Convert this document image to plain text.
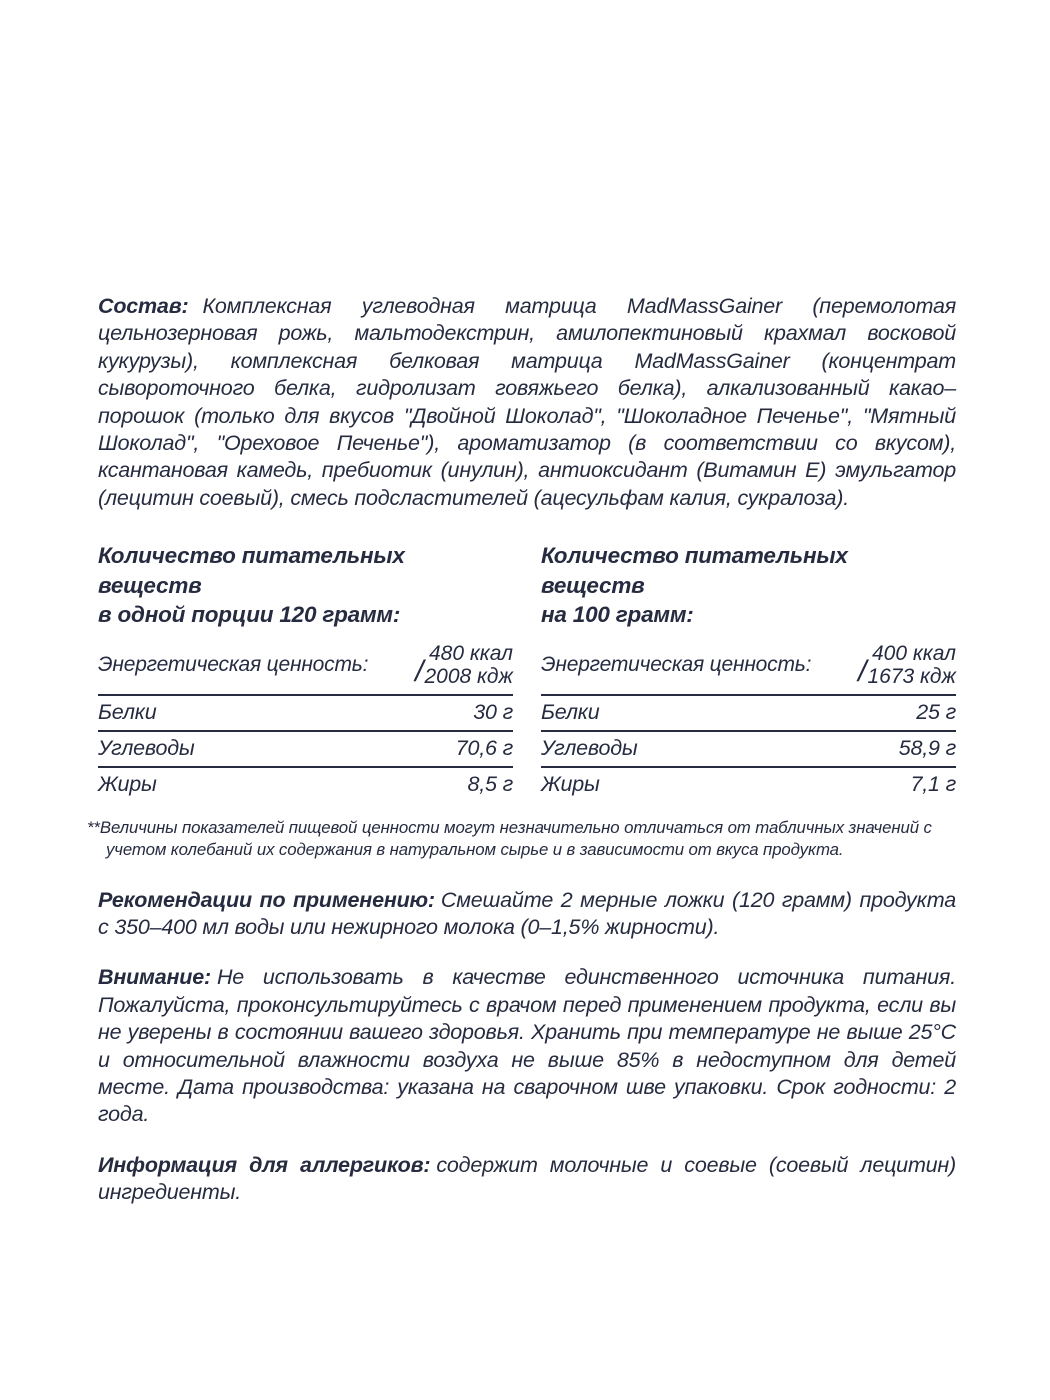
Состав: Комплексная углеводная матрица MadMassGainer (перемолотая цельнозерновая рожь, мальтодекстрин, амилопектиновый крахмал восковой кукурузы), комплексная белковая матрица MadMassGainer (концентрат сывороточного белка, гидролизат говяжьего белка), алкализованный какао–порошок (только для вкусов "Двойной Шоколад", "Шоколадное Печенье", "Мятный Шоколад", "Ореховое Печенье"), ароматизатор (в соответствии со вкусом), ксантановая камедь, пребиотик (инулин), антиоксидант (Витамин Е) эмульгатор (лецитин соевый), смесь подсластителей (ацесульфам калия, сукралоза).

Количество питательных веществ
в одной порции 120 грамм:

Энергетическая ценность:	480 ккал
/2008 кдж
Белки	30 г
Углеводы	70,6 г
Жиры	8,5 г

Количество питательных веществ
на 100 грамм:

Энергетическая ценность:	400 ккал
/1673 кдж
Белки	25 г
Углеводы	58,9 г
Жиры	7,1 г

**Величины показателей пищевой ценности могут незначительно отличаться от табличных значений с учетом колебаний их содержания в натуральном сырье и в зависимости от вкуса продукта.

Рекомендации по применению: Смешайте 2 мерные ложки (120 грамм) продукта с 350–400 мл воды или нежирного молока (0–1,5% жирности).

Внимание: Не использовать в качестве единственного источника питания. Пожалуйста, проконсультируйтесь с врачом перед применением продукта, если вы не уверены в состоянии вашего здоровья. Хранить при температуре не выше 25°С и относительной влажности воздуха не выше 85% в недоступном для детей месте. Дата производства: указана на сварочном шве упаковки. Срок годности: 2 года.

Информация для аллергиков: содержит молочные и соевые (соевый лецитин) ингредиенты.
